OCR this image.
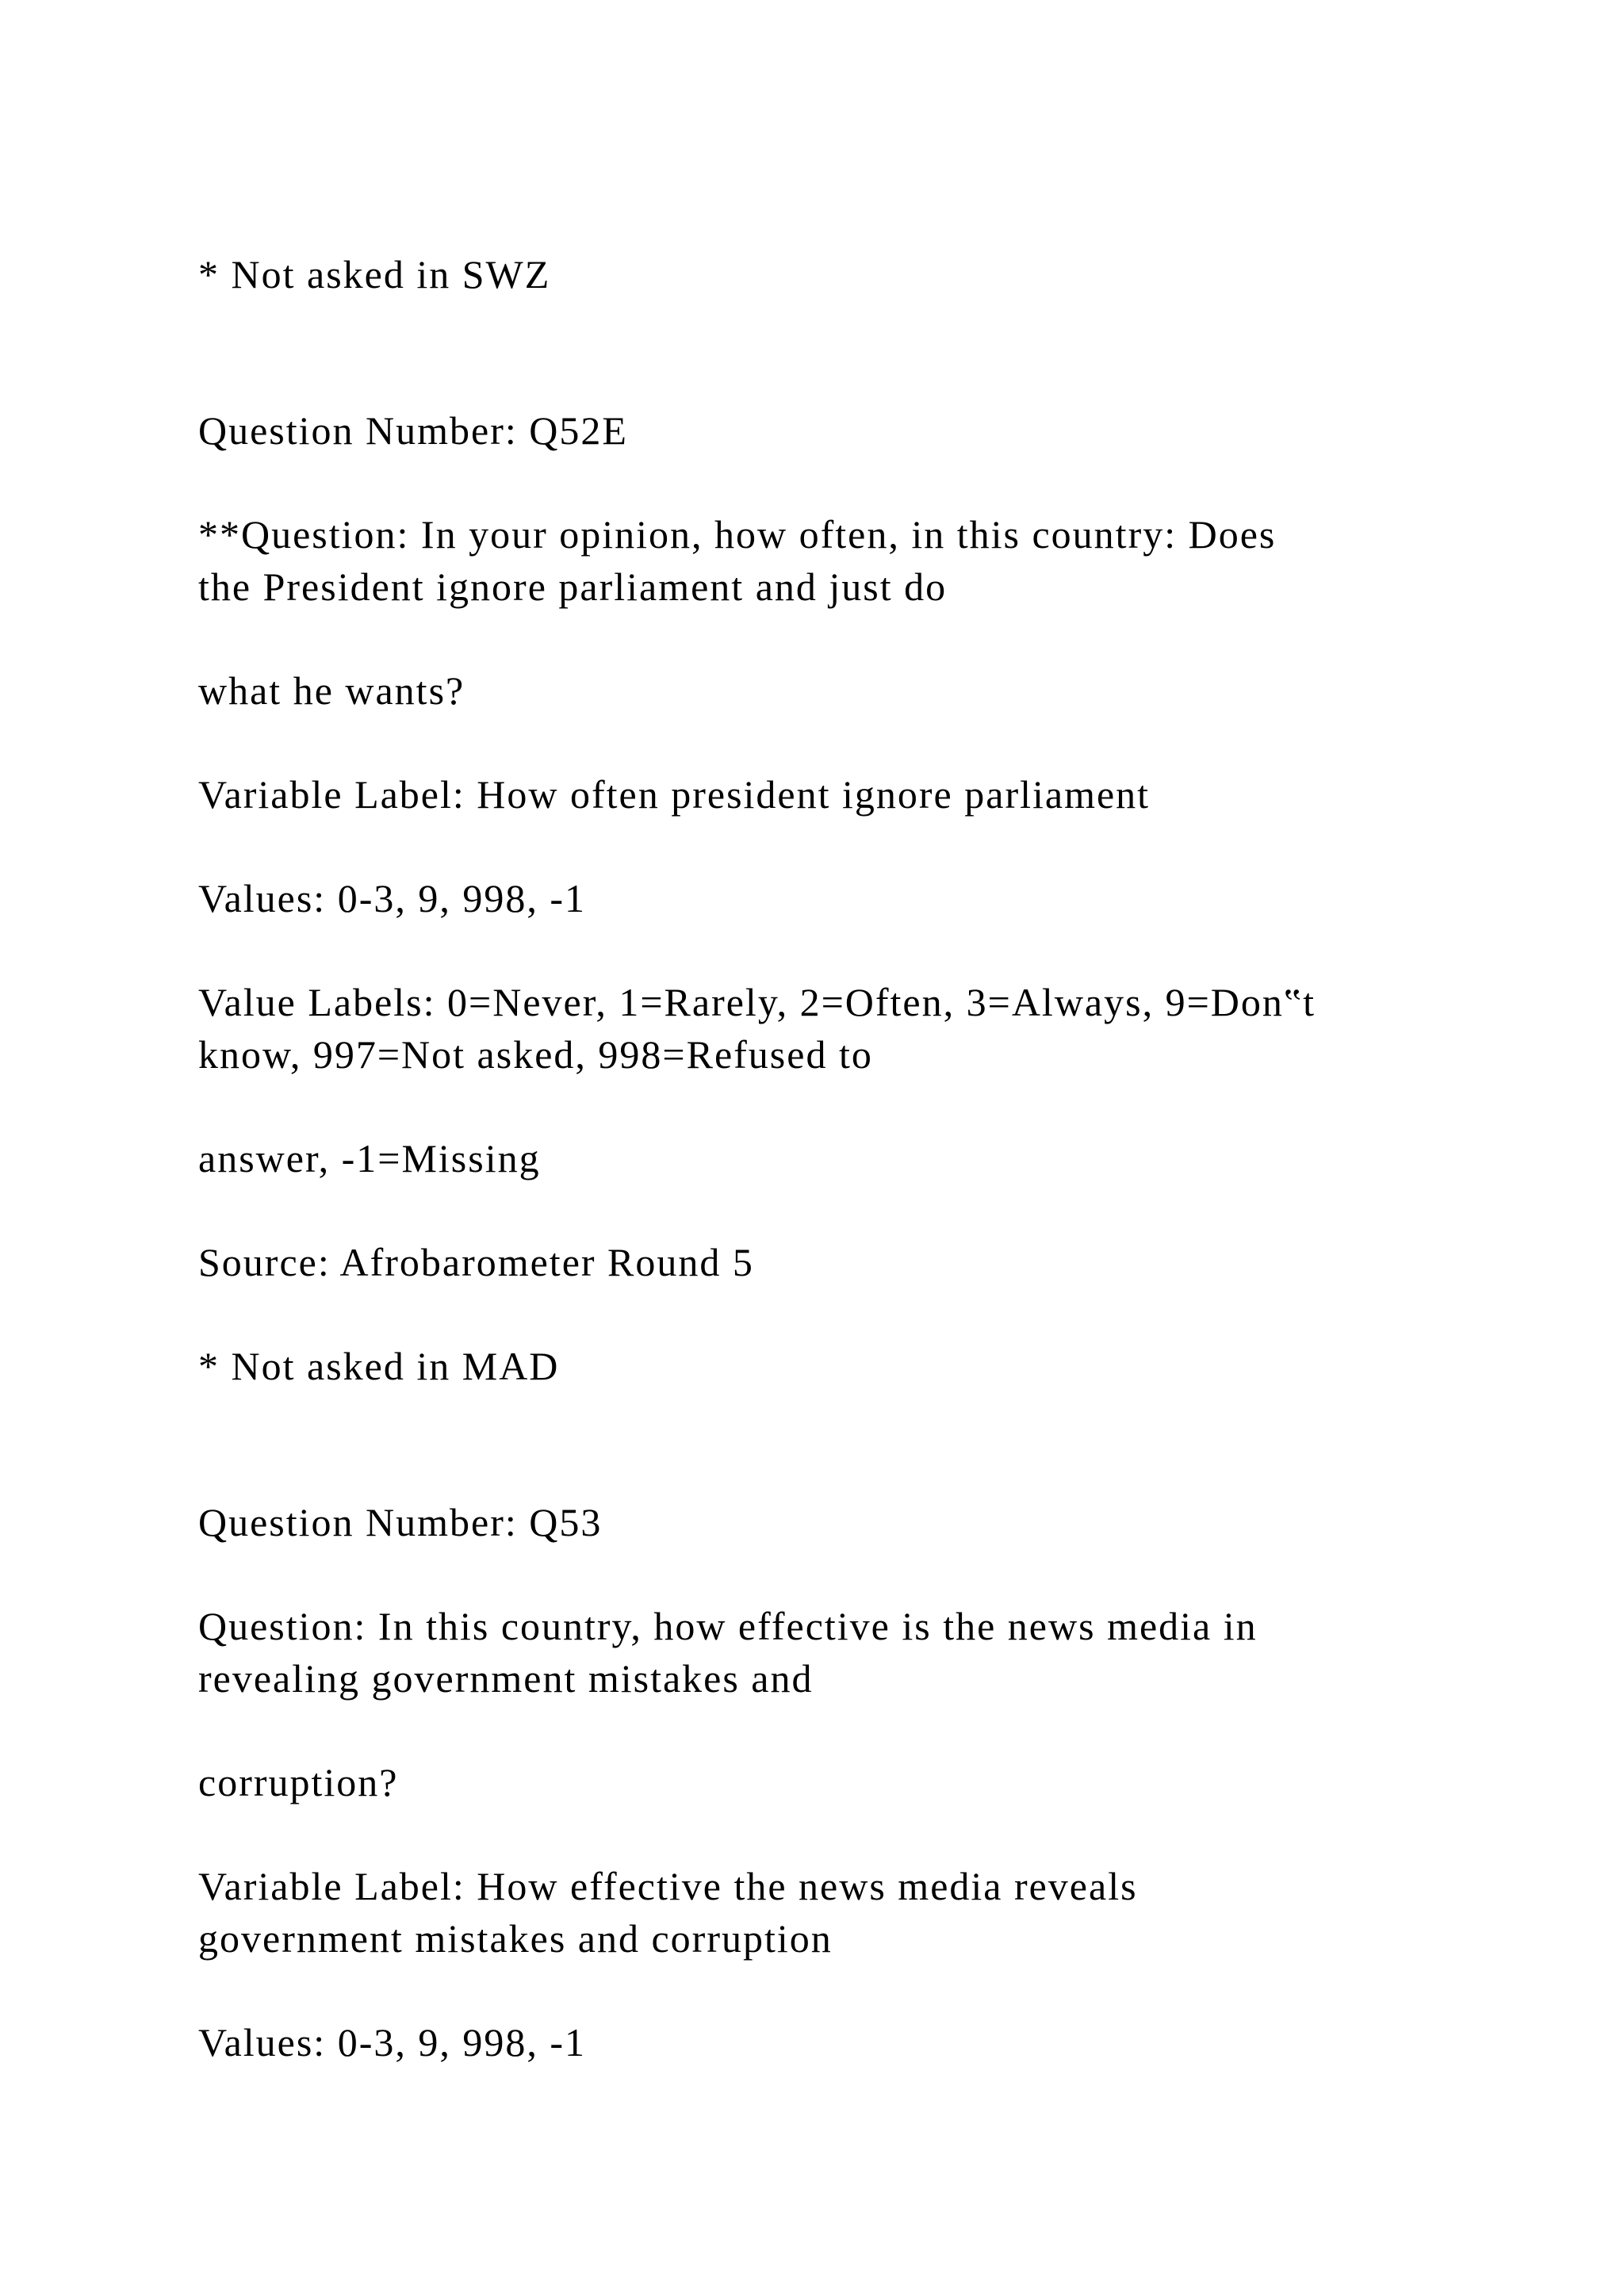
* Not asked in SWZ

Question Number: Q52E

**Question: In your opinion, how often, in this country: Does

the President ignore parliament and just do

what he wants?

Variable Label: How often president ignore parliament

Values: 0-3, 9, 998, -1

Value Labels: 0=Never, 1=Rarely, 2=Often, 3=Always, 9=Don‟t

know, 997=Not asked, 998=Refused to

answer, -1=Missing

Source: Afrobarometer Round 5

* Not asked in MAD

Question Number: Q53

Question: In this country, how effective is the news media in

revealing government mistakes and

corruption?

Variable Label: How effective the news media reveals

government mistakes and corruption

Values: 0-3, 9, 998, -1
